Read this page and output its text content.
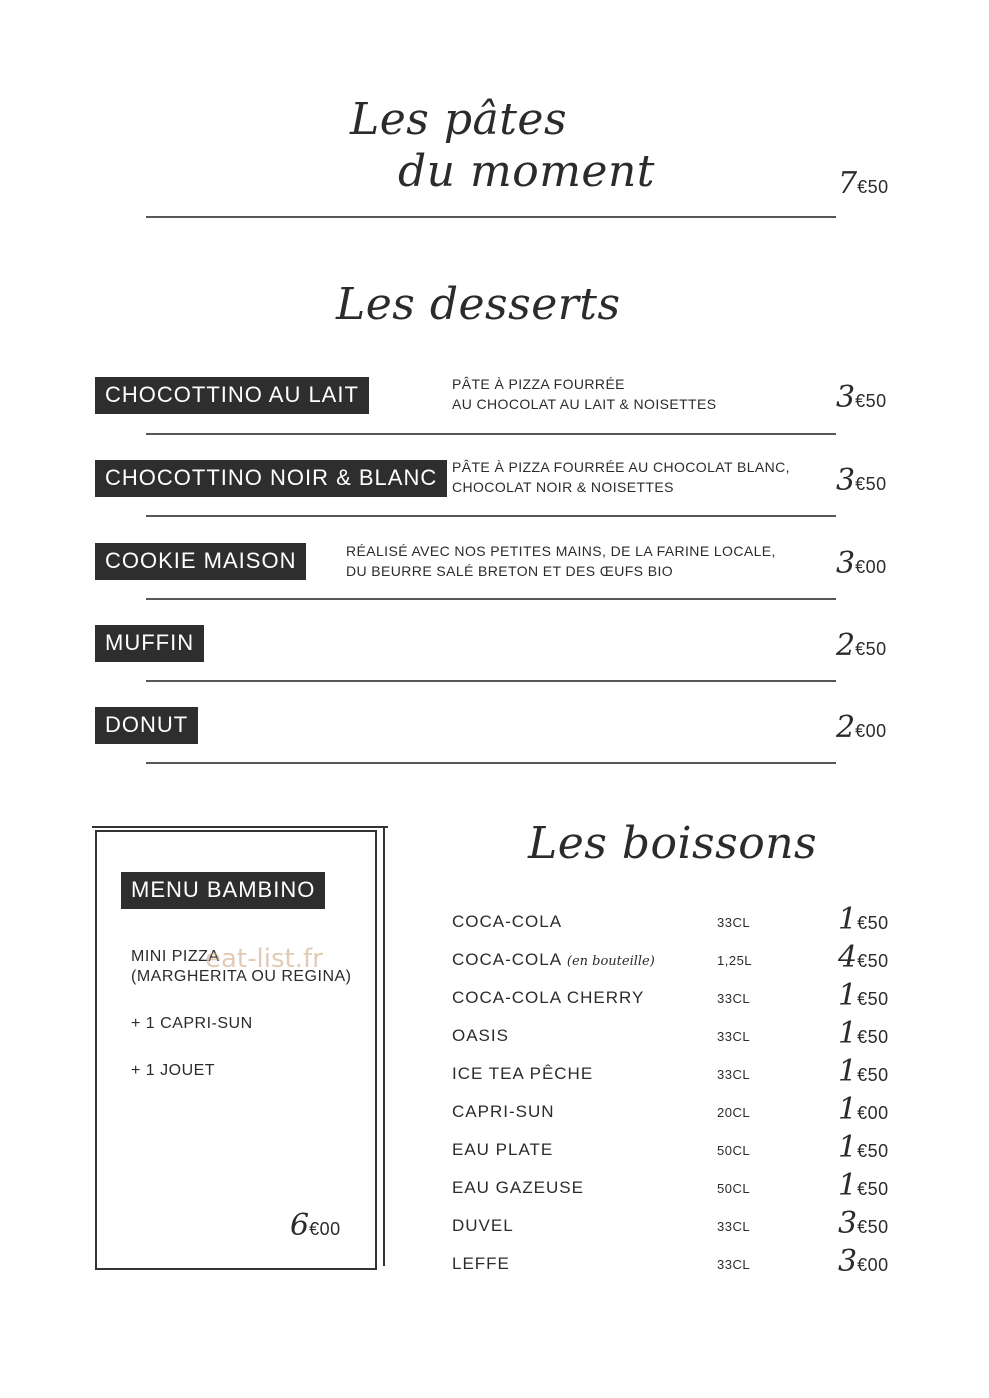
Les pâtes
du moment	7€50
Les desserts
CHOCOTTINO AU LAIT	PÂTE À PIZZA FOURRÉE
AU CHOCOLAT AU LAIT & NOISETTES	3€50
CHOCOTTINO NOIR & BLANC	PÂTE À PIZZA FOURRÉE AU CHOCOLAT BLANC,
CHOCOLAT NOIR & NOISETTES	3€50
COOKIE MAISON	RÉALISÉ AVEC NOS PETITES MAINS, DE LA FARINE LOCALE,
DU BEURRE SALÉ BRETON ET DES ŒUFS BIO	3€00
MUFFIN	2€50
DONUT	2€00
MENU BAMBINO
MINI PIZZA
(MARGHERITA OU REGINA)
+ 1 CAPRI-SUN
+ 1 JOUET
eat-list.fr
6€00
Les boissons
COCA-COLA	33CL	1€50
COCA-COLA (en bouteille)	1,25L	4€50
COCA-COLA CHERRY	33CL	1€50
OASIS	33CL	1€50
ICE TEA PÊCHE	33CL	1€50
CAPRI-SUN	20CL	1€00
EAU PLATE	50CL	1€50
EAU GAZEUSE	50CL	1€50
DUVEL	33CL	3€50
LEFFE	33CL	3€00
